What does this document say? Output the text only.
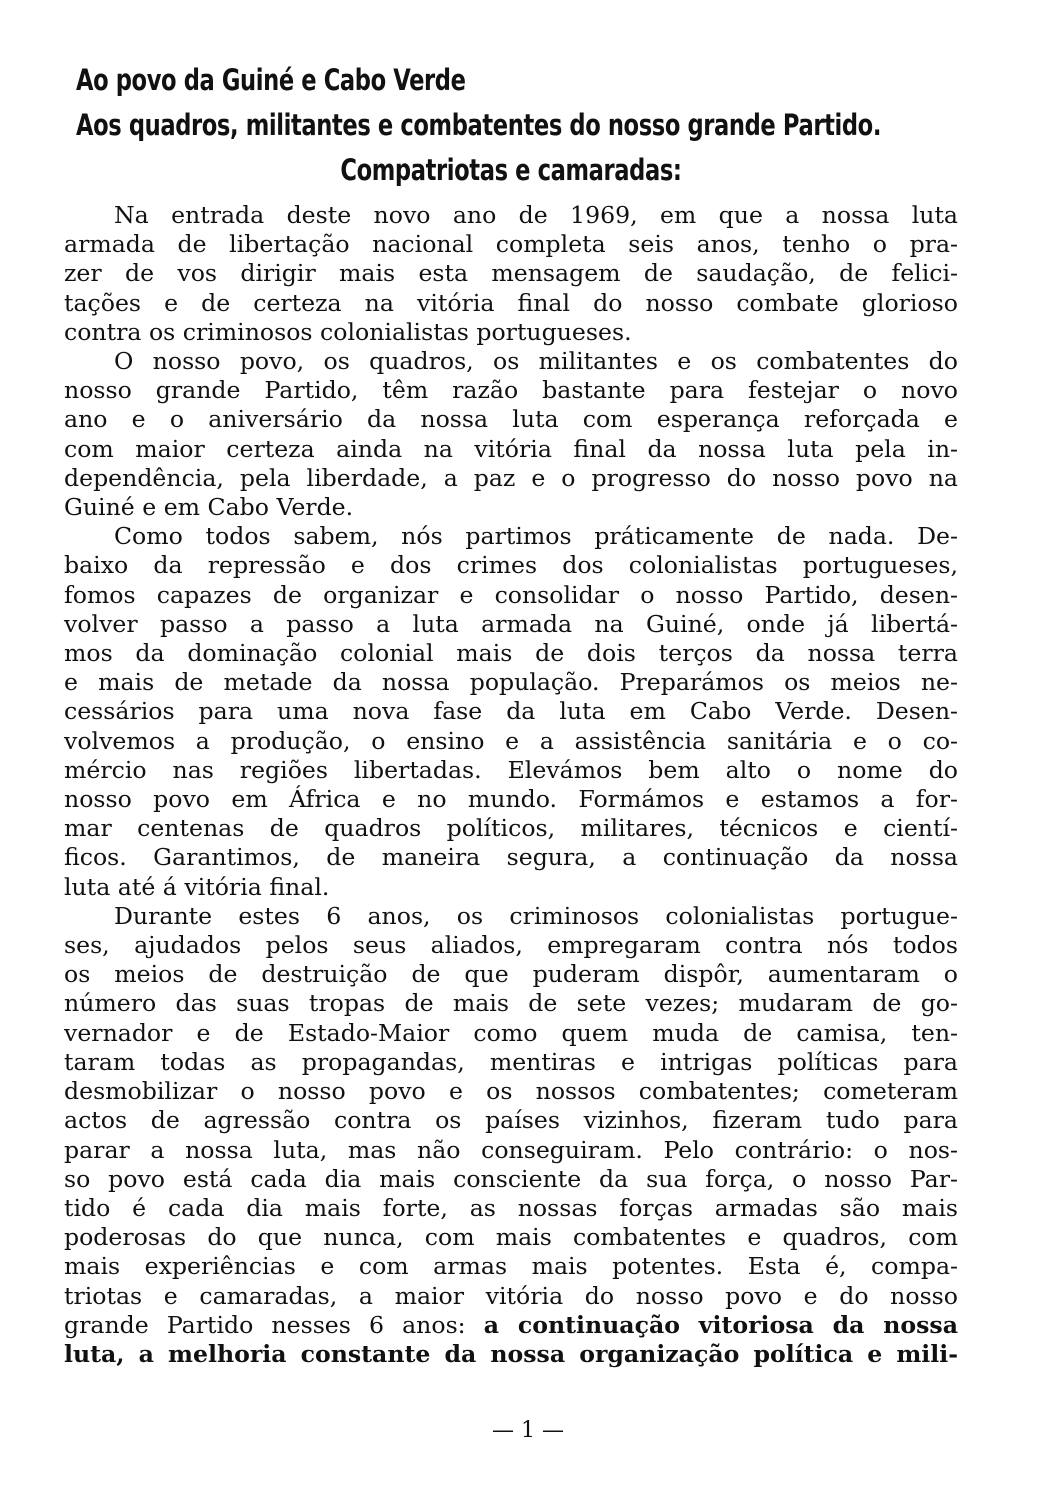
Ao povo da Guiné e Cabo Verde
Aos quadros, militantes e combatentes do nosso grande Partido.
Compatriotas e camaradas:
Na entrada deste novo ano de 1969, em que a nossa luta
armada de libertação nacional completa seis anos, tenho o pra-
zer de vos dirigir mais esta mensagem de saudação, de felici-
tações e de certeza na vitória final do nosso combate glorioso
contra os criminosos colonialistas portugueses.
O nosso povo, os quadros, os militantes e os combatentes do
nosso grande Partido, têm razão bastante para festejar o novo
ano e o aniversário da nossa luta com esperança reforçada e
com maior certeza ainda na vitória final da nossa luta pela in-
dependência, pela liberdade, a paz e o progresso do nosso povo na
Guiné e em Cabo Verde.
Como todos sabem, nós partimos práticamente de nada. De-
baixo da repressão e dos crimes dos colonialistas portugueses,
fomos capazes de organizar e consolidar o nosso Partido, desen-
volver passo a passo a luta armada na Guiné, onde já libertá-
mos da dominação colonial mais de dois terços da nossa terra
e mais de metade da nossa população. Preparámos os meios ne-
cessários para uma nova fase da luta em Cabo Verde. Desen-
volvemos a produção, o ensino e a assistência sanitária e o co-
mércio nas regiões libertadas. Elevámos bem alto o nome do
nosso povo em África e no mundo. Formámos e estamos a for-
mar centenas de quadros políticos, militares, técnicos e cientí-
ficos. Garantimos, de maneira segura, a continuação da nossa
luta até á vitória final.
Durante estes 6 anos, os criminosos colonialistas portugue-
ses, ajudados pelos seus aliados, empregaram contra nós todos
os meios de destruição de que puderam dispôr, aumentaram o
número das suas tropas de mais de sete vezes; mudaram de go-
vernador e de Estado-Maior como quem muda de camisa, ten-
taram todas as propagandas, mentiras e intrigas políticas para
desmobilizar o nosso povo e os nossos combatentes; cometeram
actos de agressão contra os países vizinhos, fizeram tudo para
parar a nossa luta, mas não conseguiram. Pelo contrário: o nos-
so povo está cada dia mais consciente da sua força, o nosso Par-
tido é cada dia mais forte, as nossas forças armadas são mais
poderosas do que nunca, com mais combatentes e quadros, com
mais experiências e com armas mais potentes. Esta é, compa-
triotas e camaradas, a maior vitória do nosso povo e do nosso
grande Partido nesses 6 anos: a continuação vitoriosa da nossa
luta, a melhoria constante da nossa organização política e mili-
— 1 —
